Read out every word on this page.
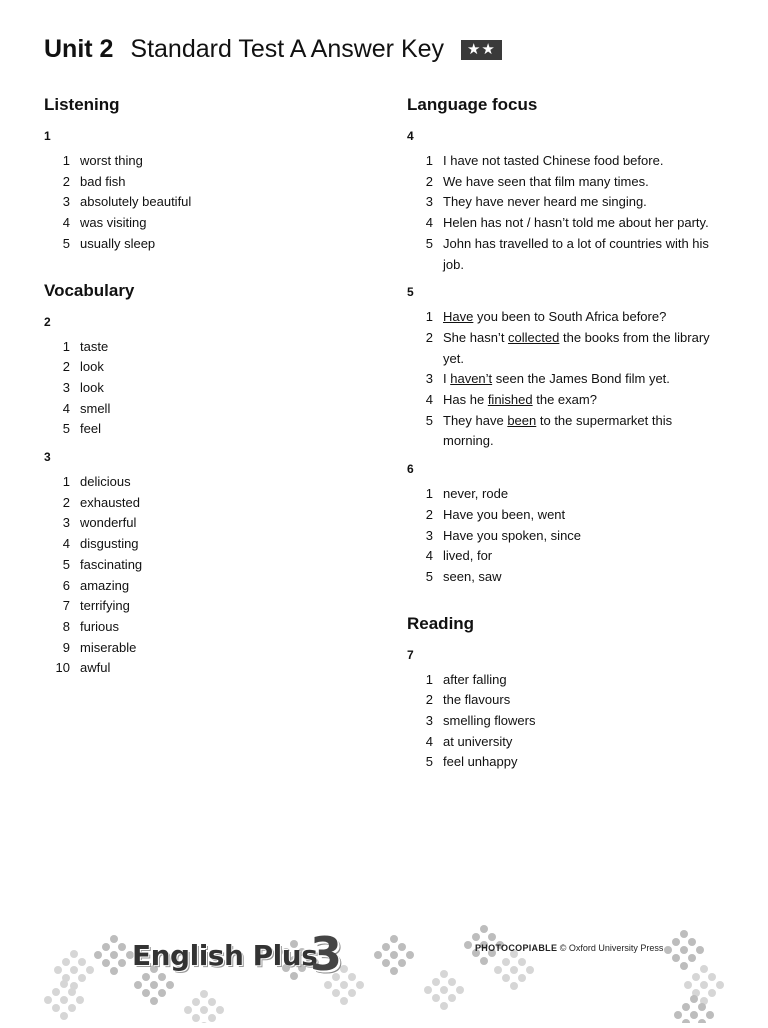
Unit 2 Standard Test A Answer Key ★★
Listening
1
1 worst thing
2 bad fish
3 absolutely beautiful
4 was visiting
5 usually sleep
Vocabulary
2
1 taste
2 look
3 look
4 smell
5 feel
3
1 delicious
2 exhausted
3 wonderful
4 disgusting
5 fascinating
6 amazing
7 terrifying
8 furious
9 miserable
10 awful
Language focus
4
1 I have not tasted Chinese food before.
2 We have seen that film many times.
3 They have never heard me singing.
4 Helen has not / hasn’t told me about her party.
5 John has travelled to a lot of countries with his job.
5
1 Have you been to South Africa before?
2 She hasn’t collected the books from the library yet.
3 I haven’t seen the James Bond film yet.
4 Has he finished the exam?
5 They have been to the supermarket this morning.
6
1 never, rode
2 Have you been, went
3 Have you spoken, since
4 lived, for
5 seen, saw
Reading
7
1 after falling
2 the flavours
3 smelling flowers
4 at university
5 feel unhappy
English Plus
3	PHOTOCOPIABLE © Oxford University Press
